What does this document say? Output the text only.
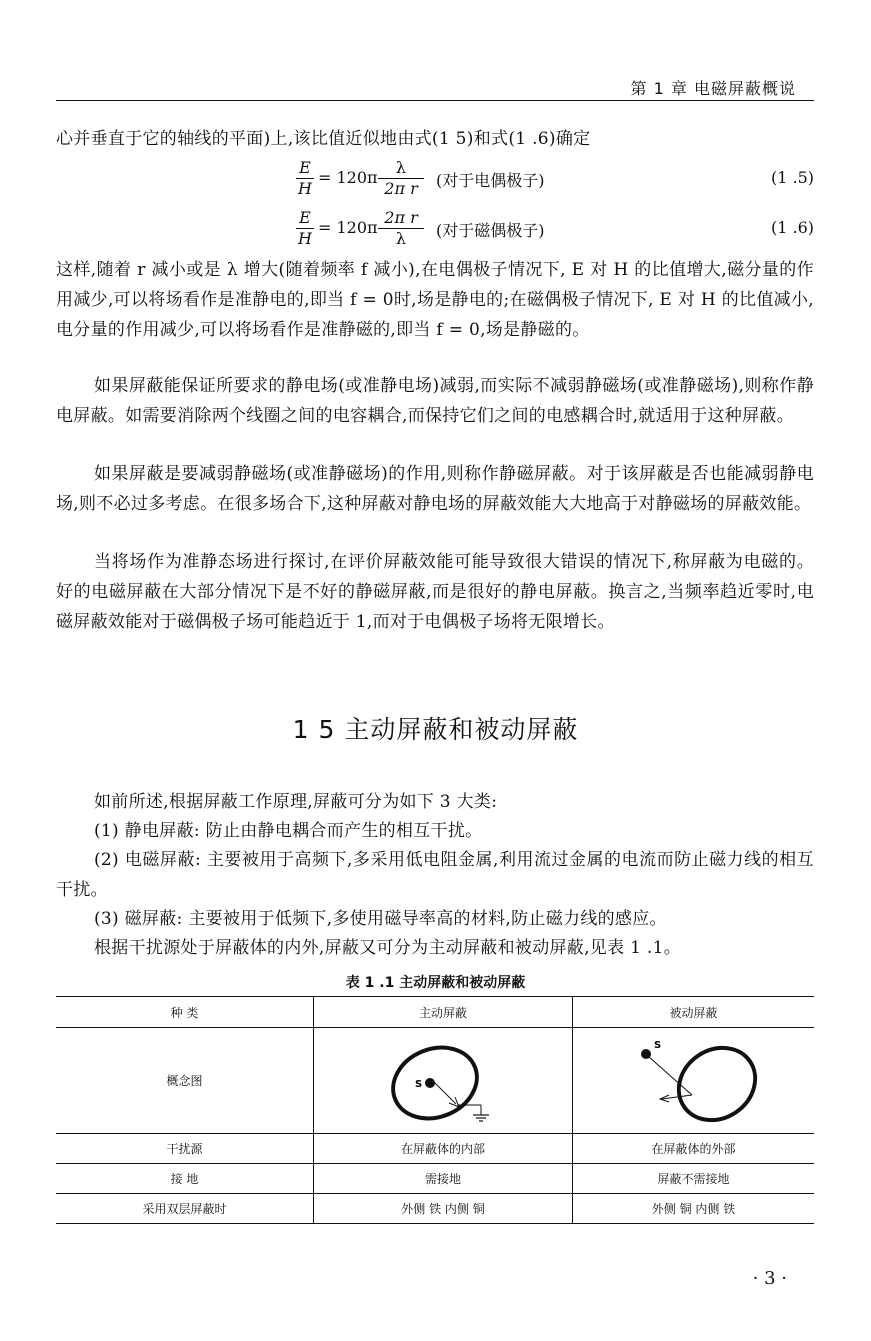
第 1 章 电磁屏蔽概说
心并垂直于它的轴线的平面)上,该比值近似地由式(1 5)和式(1 .6)确定
$\frac{E}{H} = 120\pi \frac{\lambda}{\text{2π r}}$ (对于电偶极子)	(1 .5)
$\frac{E}{H} = 120\pi \frac{\text{2π r}}{\lambda}$ (对于磁偶极子)	(1 .6)
这样,随着 r 减小或是 λ 增大(随着频率 f 减小),在电偶极子情况下, E 对 H 的比值增大,磁分量的作用减少,可以将场看作是准静电的,即当 f = 0时,场是静电的;在磁偶极子情况下, E 对 H 的比值减小,电分量的作用减少,可以将场看作是准静磁的,即当 f = 0,场是静磁的。
如果屏蔽能保证所要求的静电场(或准静电场)减弱,而实际不减弱静磁场(或准静磁场),则称作静电屏蔽。如需要消除两个线圈之间的电容耦合,而保持它们之间的电感耦合时,就适用于这种屏蔽。
如果屏蔽是要减弱静磁场(或准静磁场)的作用,则称作静磁屏蔽。对于该屏蔽是否也能减弱静电场,则不必过多考虑。在很多场合下,这种屏蔽对静电场的屏蔽效能大大地高于对静磁场的屏蔽效能。
当将场作为准静态场进行探讨,在评价屏蔽效能可能导致很大错误的情况下,称屏蔽为电磁的。好的电磁屏蔽在大部分情况下是不好的静磁屏蔽,而是很好的静电屏蔽。换言之,当频率趋近零时,电磁屏蔽效能对于磁偶极子场可能趋近于 1,而对于电偶极子场将无限增长。
1 5 主动屏蔽和被动屏蔽
如前所述,根据屏蔽工作原理,屏蔽可分为如下 3 大类:
(1) 静电屏蔽: 防止由静电耦合而产生的相互干扰。
(2) 电磁屏蔽: 主要被用于高频下,多采用低电阻金属,利用流过金属的电流而防止磁力线的相互干扰。
(3) 磁屏蔽: 主要被用于低频下,多使用磁导率高的材料,防止磁力线的感应。
根据干扰源处于屏蔽体的内外,屏蔽又可分为主动屏蔽和被动屏蔽,见表 1 .1。
表 1 .1 主动屏蔽和被动屏蔽
种 类	主动屏蔽	被动屏蔽
概念图	S	S

干扰源	在屏蔽体的内部	在屏蔽体的外部
接 地	需接地	屏蔽不需接地
采用双层屏蔽时	外侧 铁 内侧 铜	外侧 铜 内侧 铁
· 3 ·
